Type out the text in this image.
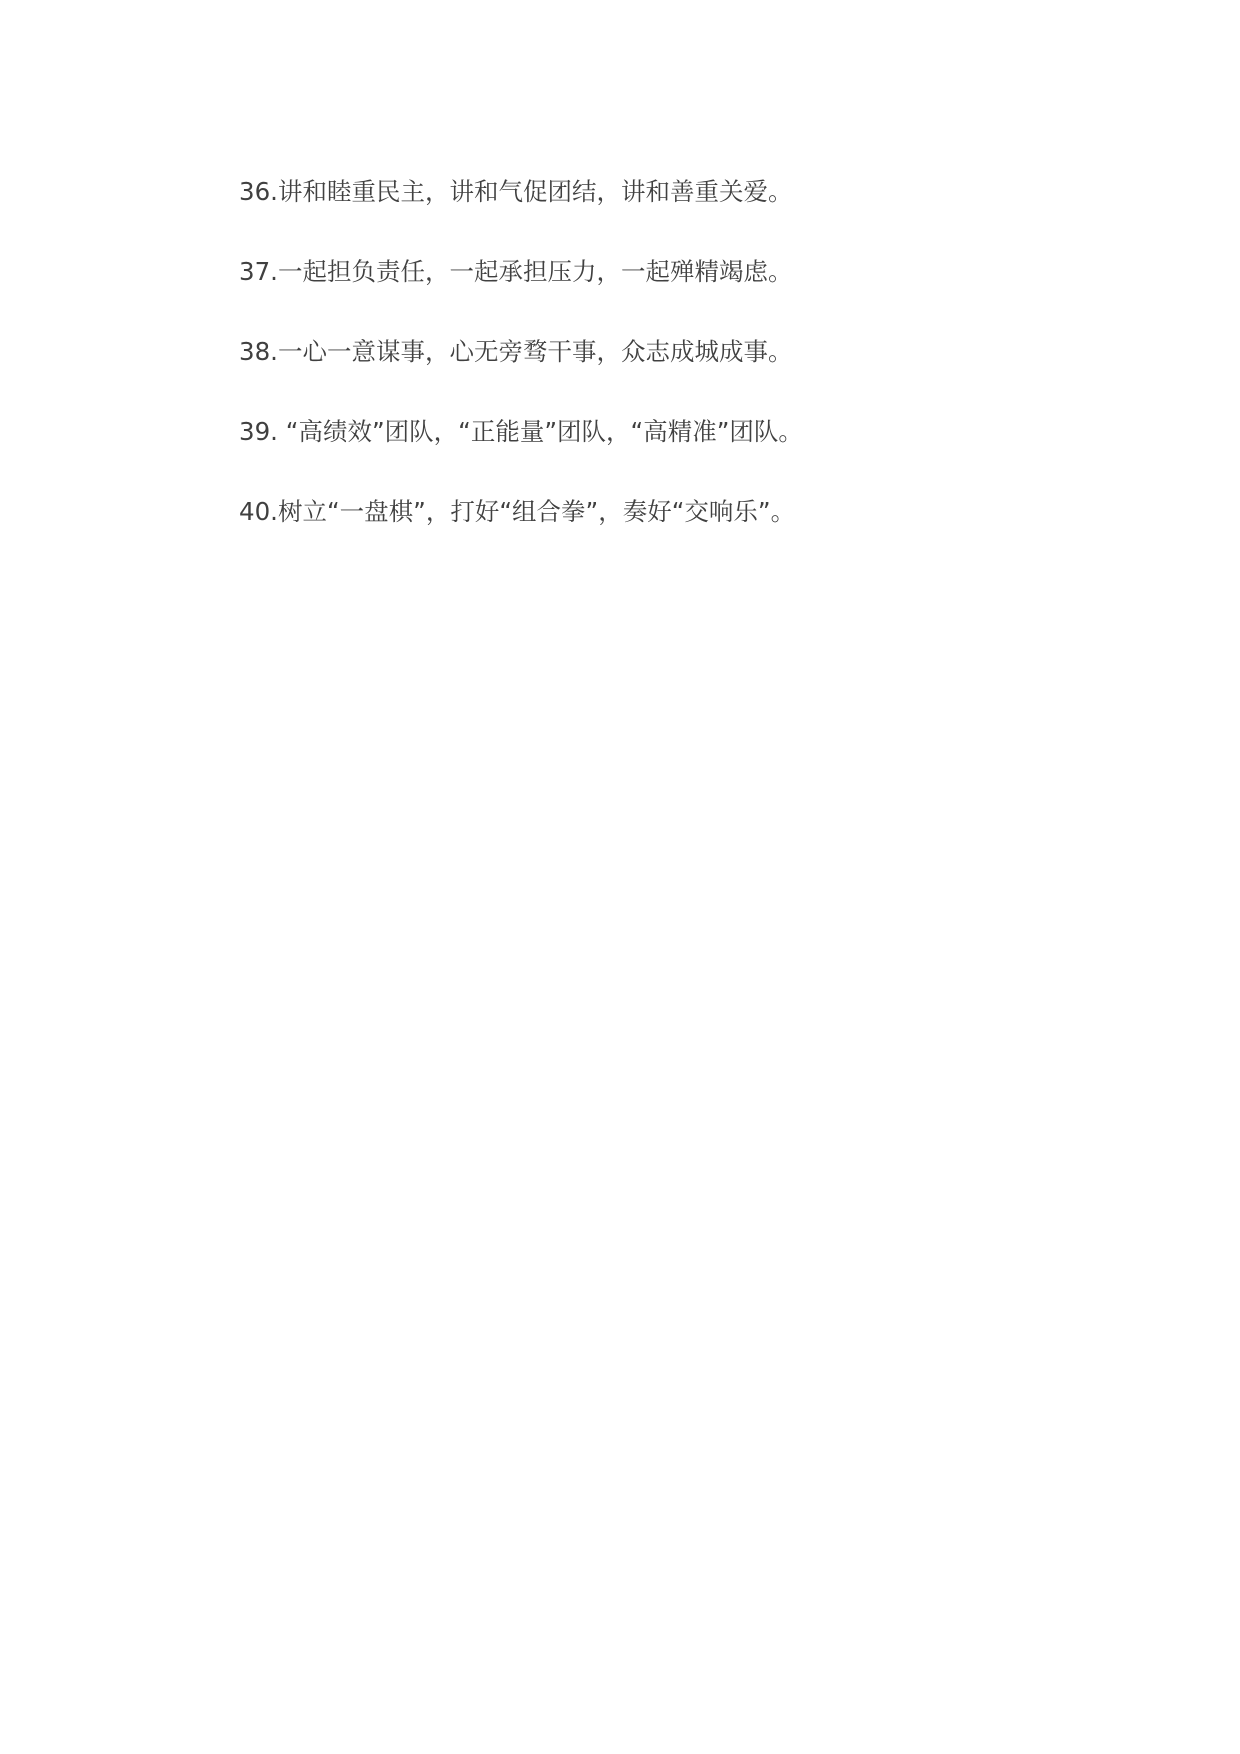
36.讲和睦重民主，讲和气促团结，讲和善重关爱。

37.一起担负责任，一起承担压力，一起殚精竭虑。

38.一心一意谋事，心无旁骛干事，众志成城成事。

39. “高绩效”团队，“正能量”团队，“高精准”团队。

40.树立“一盘棋”，打好“组合拳”，奏好“交响乐”。
